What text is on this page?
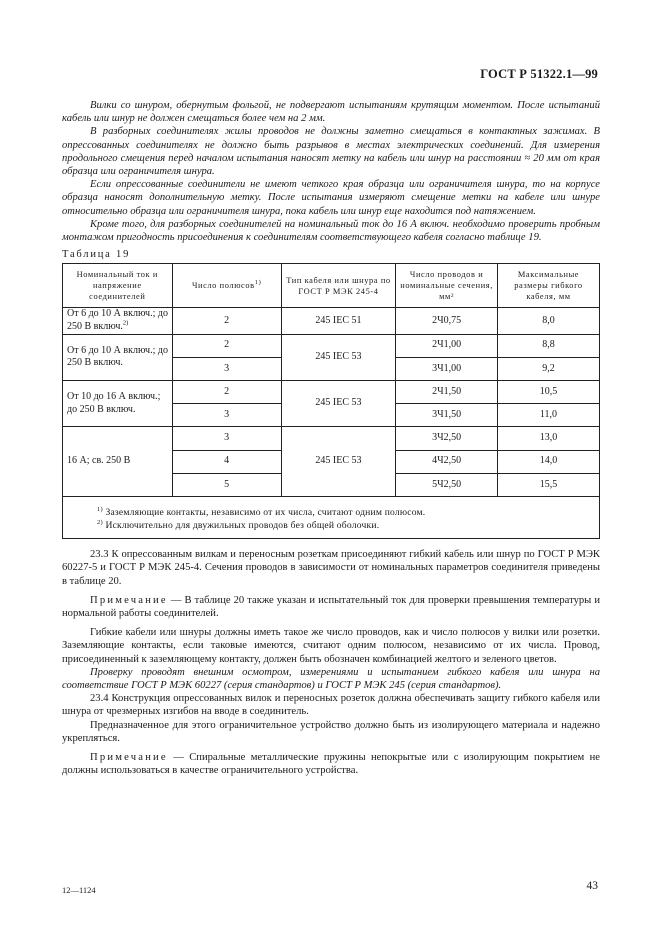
ГОСТ Р 51322.1—99

Вилки со шнуром, обернутым фольгой, не подвергают испытаниям крутящим моментом. После испытаний кабель или шнур не должен смещаться более чем на 2 мм.

В разборных соединителях жилы проводов не должны заметно смещаться в контактных зажимах. В опрессованных соединителях не должно быть разрывов в местах электрических соединений. Для измерения продольного смещения перед началом испытания наносят метку на кабель или шнур на расстоянии ≈ 20 мм от края образца или ограничителя шнура.

Если опрессованные соединители не имеют четкого края образца или ограничителя шнура, то на корпусе образца наносят дополнительную метку. После испытания измеряют смещение метки на кабеле или шнуре относительно образца или ограничителя шнура, пока кабель или шнур еще находится под натяжением.

Кроме того, для разборных соединителей на номинальный ток до 16 А включ. необходимо проверить пробным монтажом пригодность присоединения к соединителям соответствующего кабеля согласно таблице 19.

Таблица 19
Номинальный ток и напряжение соединителей	Число полюсов$^{1)}$	Тип кабеля или шнура по ГОСТ Р МЭК 245-4	Число проводов и номинальные сечения, мм²	Максимальные размеры гибкого кабеля, мм
От 6 до 10 А включ.; до 250 В включ.$^{2)}$	2	245 IEC 51	2Ч0,75	8,0
От 6 до 10 А включ.; до 250 В включ.	2	245 IEC 53	2Ч1,00	8,8
	3		3Ч1,00	9,2
От 10 до 16 А включ.; до 250 В включ.	2	245 IEC 53	2Ч1,50	10,5
	3		3Ч1,50	11,0
16 А; св. 250 В	3	245 IEC 53	3Ч2,50	13,0
	4		4Ч2,50	14,0
	5		5Ч2,50	15,5

$^{1)}$ Заземляющие контакты, независимо от их числа, считают одним полюсом.
$^{2)}$ Исключительно для двужильных проводов без общей оболочки.				

23.3 К опрессованным вилкам и переносным розеткам присоединяют гибкий кабель или шнур по ГОСТ Р МЭК 60227-5 и ГОСТ Р МЭК 245-4. Сечения проводов в зависимости от номинальных параметров соединителя приведены в таблице 20.

Примечание — В таблице 20 также указан и испытательный ток для проверки превышения температуры и нормальной работы соединителей.

Гибкие кабели или шнуры должны иметь такое же число проводов, как и число полюсов у вилки или розетки. Заземляющие контакты, если таковые имеются, считают одним полюсом, независимо от их числа. Провод, присоединенный к заземляющему контакту, должен быть обозначен комбинацией желтого и зеленого цветов.

Проверку проводят внешним осмотром, измерениями и испытанием гибкого кабеля или шнура на соответствие ГОСТ Р МЭК 60227 (серия стандартов) и ГОСТ Р МЭК 245 (серия стандартов).

23.4 Конструкция опрессованных вилок и переносных розеток должна обеспечивать защиту гибкого кабеля или шнура от чрезмерных изгибов на вводе в соединитель.

Предназначенное для этого ограничительное устройство должно быть из изолирующего материала и надежно укрепляться.

Примечание — Спиральные металлические пружины непокрытые или с изолирующим покрытием не должны использоваться в качестве ограничительного устройства.

12—1124	43
